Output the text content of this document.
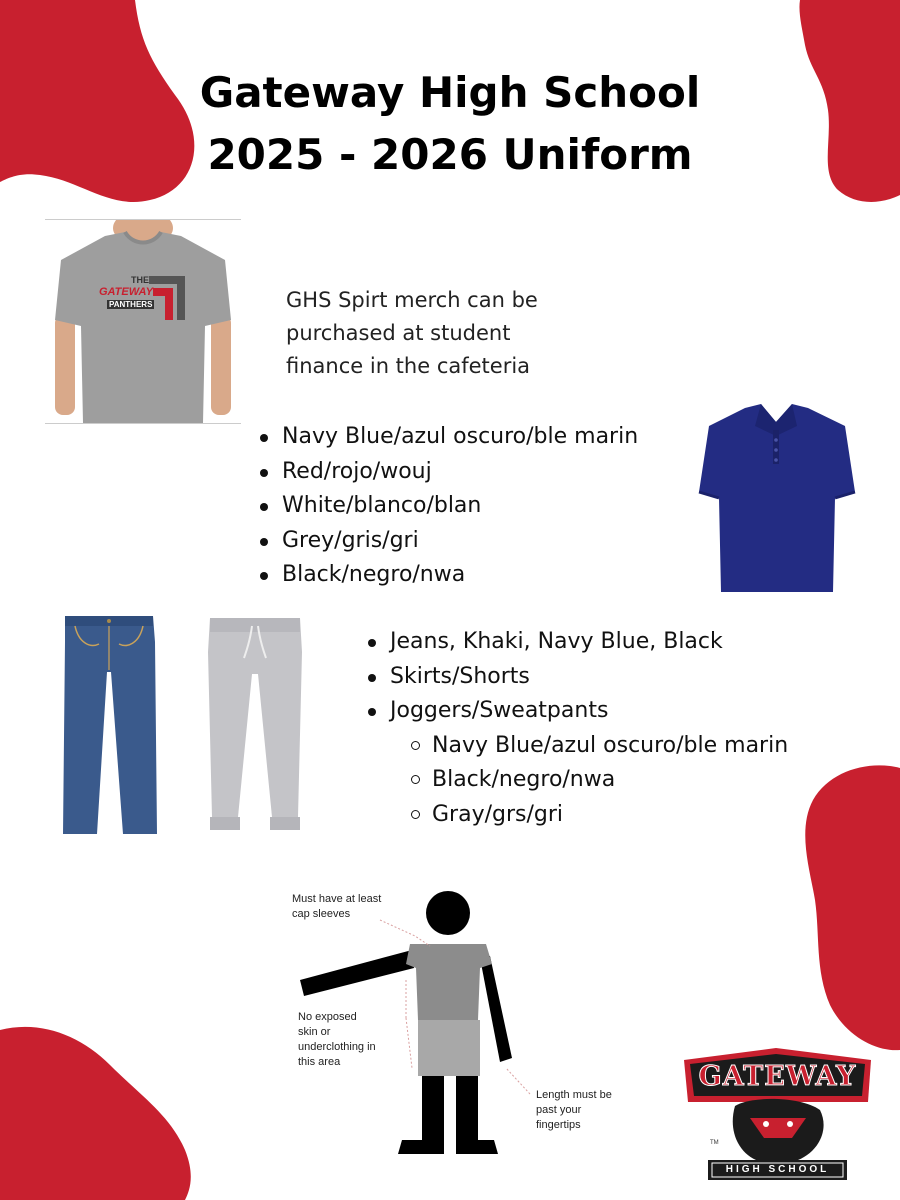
Gateway High School
2025 - 2026 Uniform
THE
GATEWAY
PANTHERS	GHS Spirt merch can be purchased at student finance in the cafeteria
Navy Blue/azul oscuro/ble marin
Red/rojo/wouj
White/blanco/blan
Grey/gris/gri
Black/negro/nwa
Jeans, Khaki, Navy Blue, Black
Skirts/Shorts
Joggers/Sweatpants
Navy Blue/azul oscuro/ble marin
Black/negro/nwa
Gray/grs/gri
Must have at least cap sleeves
No exposed skin or underclothing in this area
Length must be past your fingertips
GATEWAY
HIGH SCHOOL
TM
